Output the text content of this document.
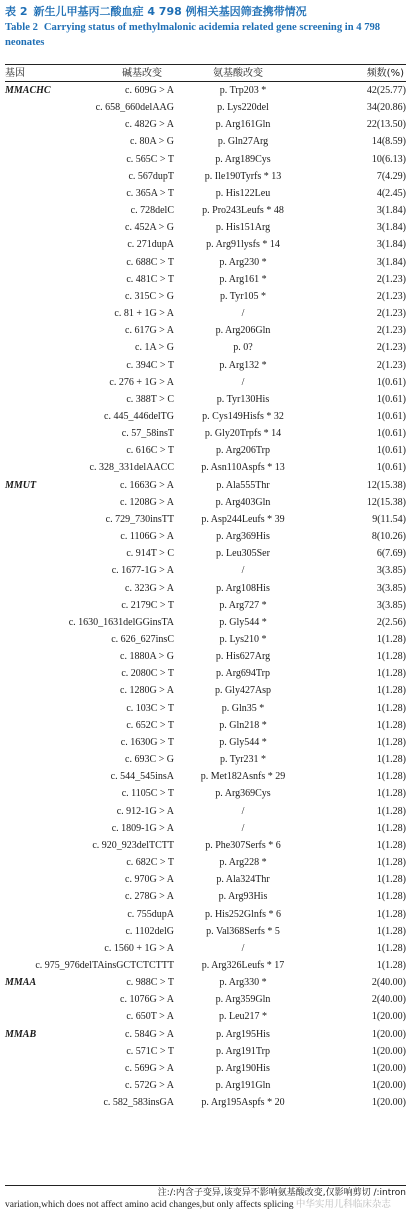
表 2 新生儿甲基丙二酸血症 4 798 例相关基因筛查携带情况
Table 2 Carrying status of methylmalonic acidemia related gene screening in 4 798 neonates
基因	碱基改变	氨基酸改变	频数(%)
MMACHC	c. 609G > A	p. Trp203 *	42(25.77)
c. 658_660delAAG	p. Lys220del	34(20.86)
c. 482G > A	p. Arg161Gln	22(13.50)
c. 80A > G	p. Gln27Arg	14(8.59)
c. 565C > T	p. Arg189Cys	10(6.13)
c. 567dupT	p. Ile190Tyrfs * 13	7(4.29)
c. 365A > T	p. His122Leu	4(2.45)
c. 728delC	p. Pro243Leufs * 48	3(1.84)
c. 452A > G	p. His151Arg	3(1.84)
c. 271dupA	p. Arg91lysfs * 14	3(1.84)
c. 688C > T	p. Arg230 *	3(1.84)
c. 481C > T	p. Arg161 *	2(1.23)
c. 315C > G	p. Tyr105 *	2(1.23)
c. 81 + 1G > A	/	2(1.23)
c. 617G > A	p. Arg206Gln	2(1.23)
c. 1A > G	p. 0?	2(1.23)
c. 394C > T	p. Arg132 *	2(1.23)
c. 276 + 1G > A	/	1(0.61)
c. 388T > C	p. Tyr130His	1(0.61)
c. 445_446delTG	p. Cys149Hisfs * 32	1(0.61)
c. 57_58insT	p. Gly20Trpfs * 14	1(0.61)
c. 616C > T	p. Arg206Trp	1(0.61)
c. 328_331delAACC	p. Asn110Aspfs * 13	1(0.61)
MMUT	c. 1663G > A	p. Ala555Thr	12(15.38)
c. 1208G > A	p. Arg403Gln	12(15.38)
c. 729_730insTT	p. Asp244Leufs * 39	9(11.54)
c. 1106G > A	p. Arg369His	8(10.26)
c. 914T > C	p. Leu305Ser	6(7.69)
c. 1677-1G > A	/	3(3.85)
c. 323G > A	p. Arg108His	3(3.85)
c. 2179C > T	p. Arg727 *	3(3.85)
c. 1630_1631delGGinsTA	p. Gly544 *	2(2.56)
c. 626_627insC	p. Lys210 *	1(1.28)
c. 1880A > G	p. His627Arg	1(1.28)
c. 2080C > T	p. Arg694Trp	1(1.28)
c. 1280G > A	p. Gly427Asp	1(1.28)
c. 103C > T	p. Gln35 *	1(1.28)
c. 652C > T	p. Gln218 *	1(1.28)
c. 1630G > T	p. Gly544 *	1(1.28)
c. 693C > G	p. Tyr231 *	1(1.28)
c. 544_545insA	p. Met182Asnfs * 29	1(1.28)
c. 1105C > T	p. Arg369Cys	1(1.28)
c. 912-1G > A	/	1(1.28)
c. 1809-1G > A	/	1(1.28)
c. 920_923delTCTT	p. Phe307Serfs * 6	1(1.28)
c. 682C > T	p. Arg228 *	1(1.28)
c. 970G > A	p. Ala324Thr	1(1.28)
c. 278G > A	p. Arg93His	1(1.28)
c. 755dupA	p. His252Glnfs * 6	1(1.28)
c. 1102delG	p. Val368Serfs * 5	1(1.28)
c. 1560 + 1G > A	/	1(1.28)
c. 975_976delTAinsGCTCTCTTT	p. Arg326Leufs * 17	1(1.28)
MMAA	c. 988C > T	p. Arg330 *	2(40.00)
c. 1076G > A	p. Arg359Gln	2(40.00)
c. 650T > A	p. Leu217 *	1(20.00)
MMAB	c. 584G > A	p. Arg195His	1(20.00)
c. 571C > T	p. Arg191Trp	1(20.00)
c. 569G > A	p. Arg190His	1(20.00)
c. 572G > A	p. Arg191Gln	1(20.00)
c. 582_583insGA	p. Arg195Aspfs * 20	1(20.00)
注:/:内含子变异,该变异不影响氨基酸改变,仅影响剪切 /:intron
variation,which does not affect amino acid changes,but only affects splicing 中华实用儿科临床杂志
